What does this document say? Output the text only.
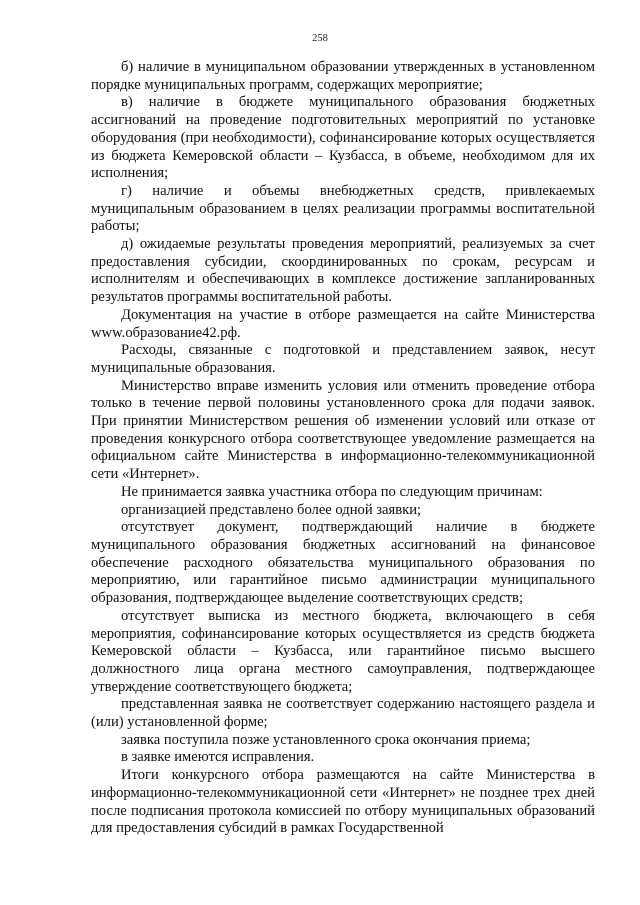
258

б) наличие в муниципальном образовании утвержденных в установленном порядке муниципальных программ, содержащих мероприятие;

в) наличие в бюджете муниципального образования бюджетных ассигнований на проведение подготовительных мероприятий по установке оборудования (при необходимости), софинансирование которых осуществляется из бюджета Кемеровской области – Кузбасса, в объеме, необходимом для их исполнения;

г) наличие и объемы внебюджетных средств, привлекаемых муниципальным образованием в целях реализации программы воспитательной работы;

д) ожидаемые результаты проведения мероприятий, реализуемых за счет предоставления субсидии, скоординированных по срокам, ресурсам и исполнителям и обеспечивающих в комплексе достижение запланированных результатов программы воспитательной работы.

Документация на участие в отборе размещается на сайте Министерства www.образование42.рф.

Расходы, связанные с подготовкой и представлением заявок, несут муниципальные образования.

Министерство вправе изменить условия или отменить проведение отбора только в течение первой половины установленного срока для подачи заявок. При принятии Министерством решения об изменении условий или отказе от проведения конкурсного отбора соответствующее уведомление размещается на официальном сайте Министерства в информационно-телекоммуникационной сети «Интернет».

Не принимается заявка участника отбора по следующим причинам:

организацией представлено более одной заявки;

отсутствует документ, подтверждающий наличие в бюджете муниципального образования бюджетных ассигнований на финансовое обеспечение расходного обязательства муниципального образования по мероприятию, или гарантийное письмо администрации муниципального образования, подтверждающее выделение соответствующих средств;

отсутствует выписка из местного бюджета, включающего в себя мероприятия, софинансирование которых осуществляется из средств бюджета Кемеровской области – Кузбасса, или гарантийное письмо высшего должностного лица органа местного самоуправления, подтверждающее утверждение соответствующего бюджета;

представленная заявка не соответствует содержанию настоящего раздела и (или) установленной форме;

заявка поступила позже установленного срока окончания приема;

в заявке имеются исправления.

Итоги конкурсного отбора размещаются на сайте Министерства в информационно-телекоммуникационной сети «Интернет» не позднее трех дней после подписания протокола комиссией по отбору муниципальных образований для предоставления субсидий в рамках Государственной
